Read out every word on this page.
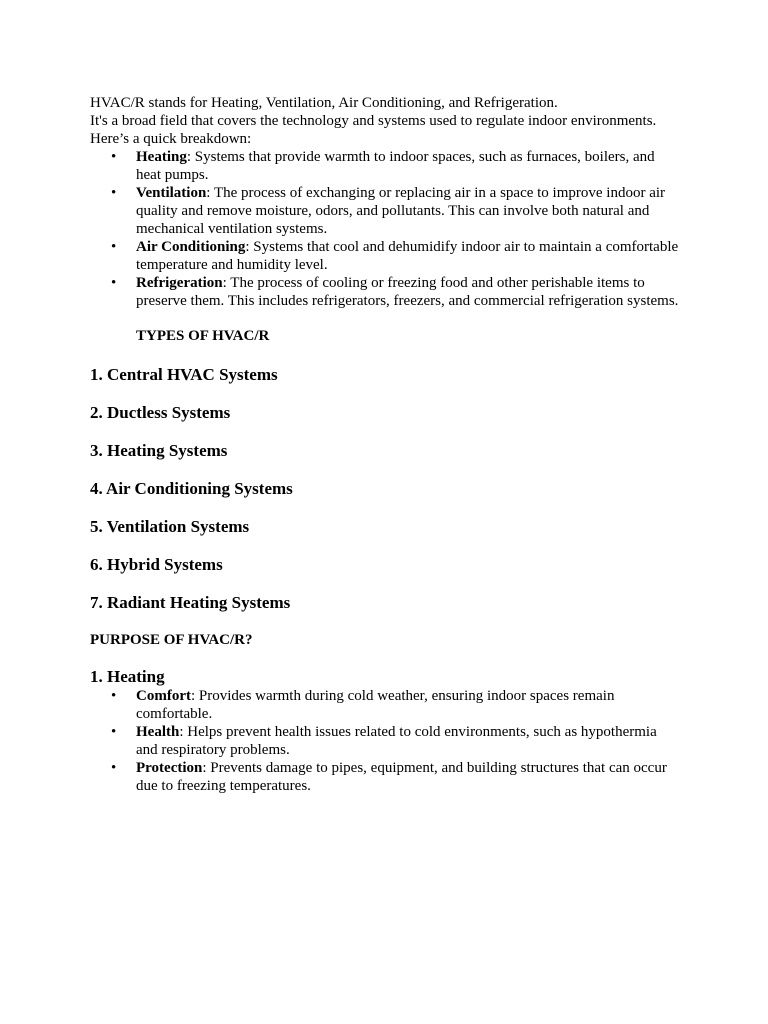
HVAC/R stands for Heating, Ventilation, Air Conditioning, and Refrigeration.

It's a broad field that covers the technology and systems used to regulate indoor environments. Here’s a quick breakdown:

• Heating: Systems that provide warmth to indoor spaces, such as furnaces, boilers, and heat pumps.
• Ventilation: The process of exchanging or replacing air in a space to improve indoor air quality and remove moisture, odors, and pollutants. This can involve both natural and mechanical ventilation systems.
• Air Conditioning: Systems that cool and dehumidify indoor air to maintain a comfortable temperature and humidity level.
• Refrigeration: The process of cooling or freezing food and other perishable items to preserve them. This includes refrigerators, freezers, and commercial refrigeration systems.
TYPES OF HVAC/R
1. Central HVAC Systems
2. Ductless Systems
3. Heating Systems
4. Air Conditioning Systems
5. Ventilation Systems
6. Hybrid Systems
7. Radiant Heating Systems
PURPOSE OF HVAC/R?
1. Heating
• Comfort: Provides warmth during cold weather, ensuring indoor spaces remain comfortable.
• Health: Helps prevent health issues related to cold environments, such as hypothermia and respiratory problems.
• Protection: Prevents damage to pipes, equipment, and building structures that can occur due to freezing temperatures.
